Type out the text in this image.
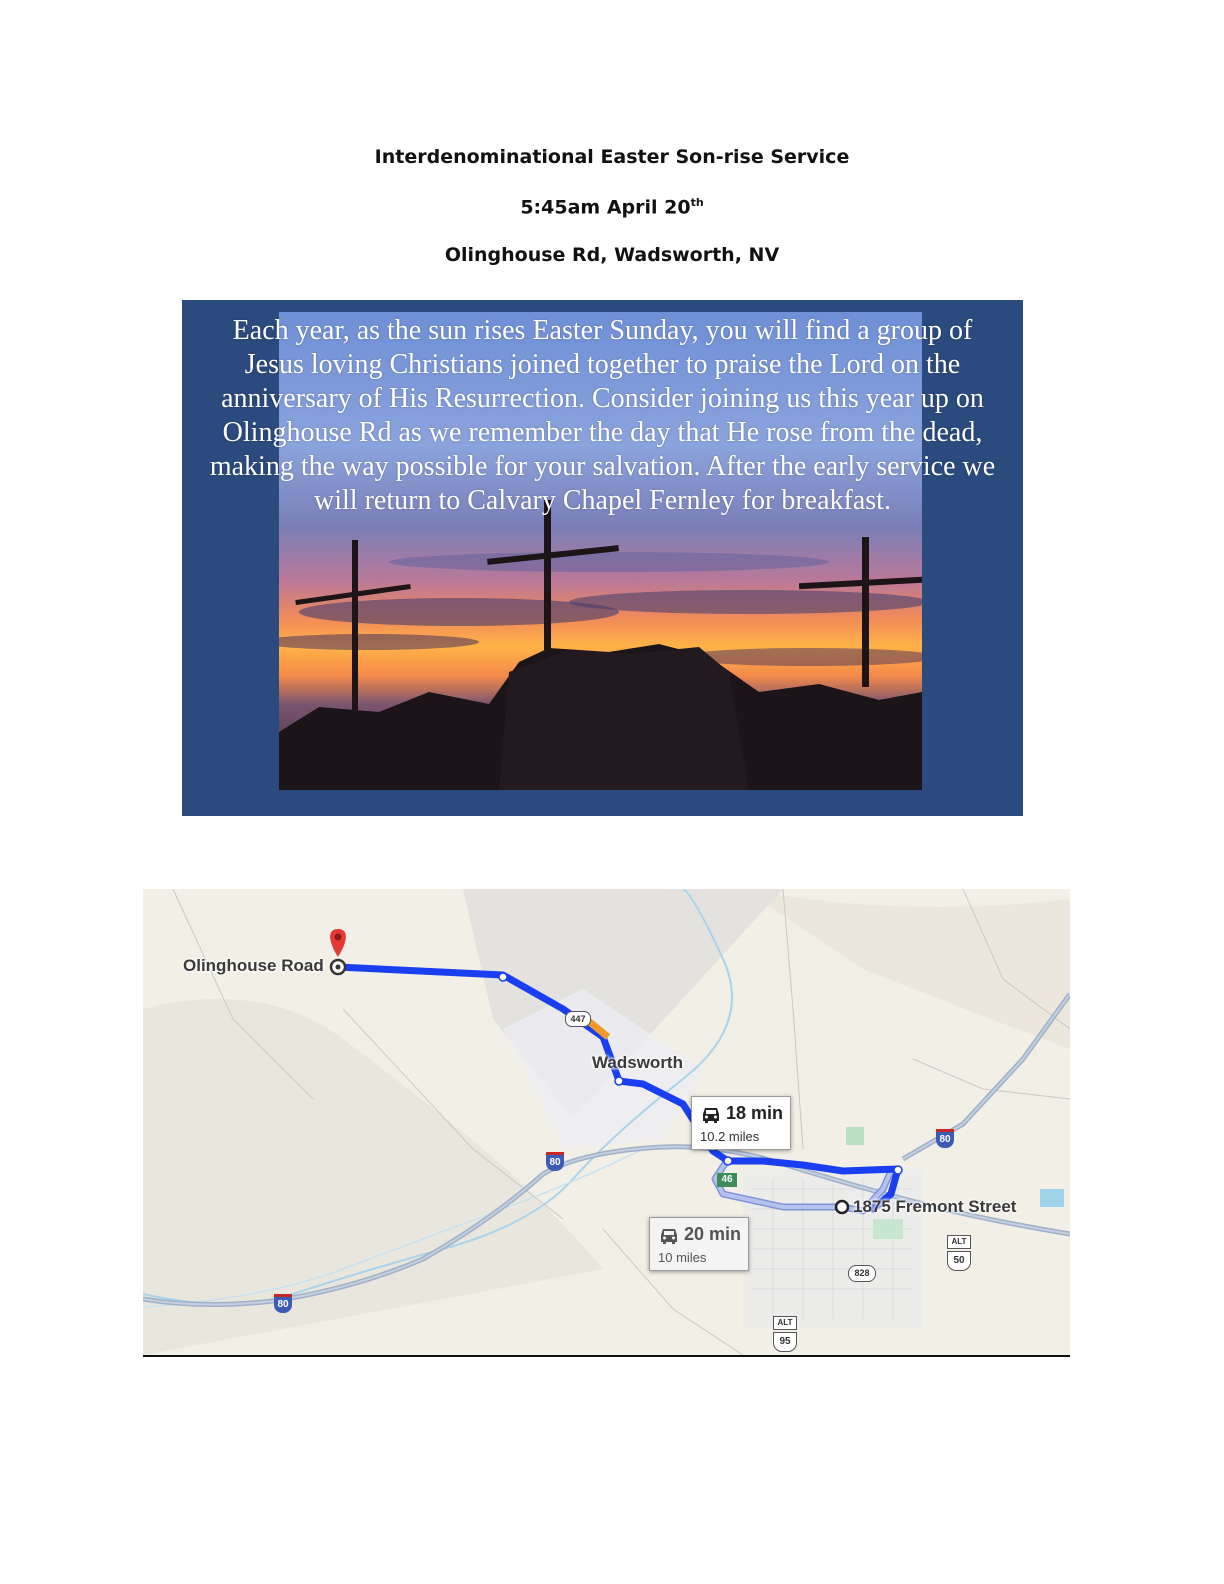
Interdenominational Easter Son-rise Service
5:45am April 20th
Olinghouse Rd, Wadsworth, NV
Each year, as the sun rises Easter Sunday, you will find a group of Jesus loving Christians joined together to praise the Lord on the anniversary of His Resurrection. Consider joining us this year up on Olinghouse Rd as we remember the day that He rose from the dead, making the way possible for your salvation. After the early service we will return to Calvary Chapel Fernley for breakfast.
Olinghouse Road
Wadsworth
1875 Fremont Street
18 min
10.2 miles
20 min
10 miles
80
80
80
447
46
ALT
50
828
ALT
95
